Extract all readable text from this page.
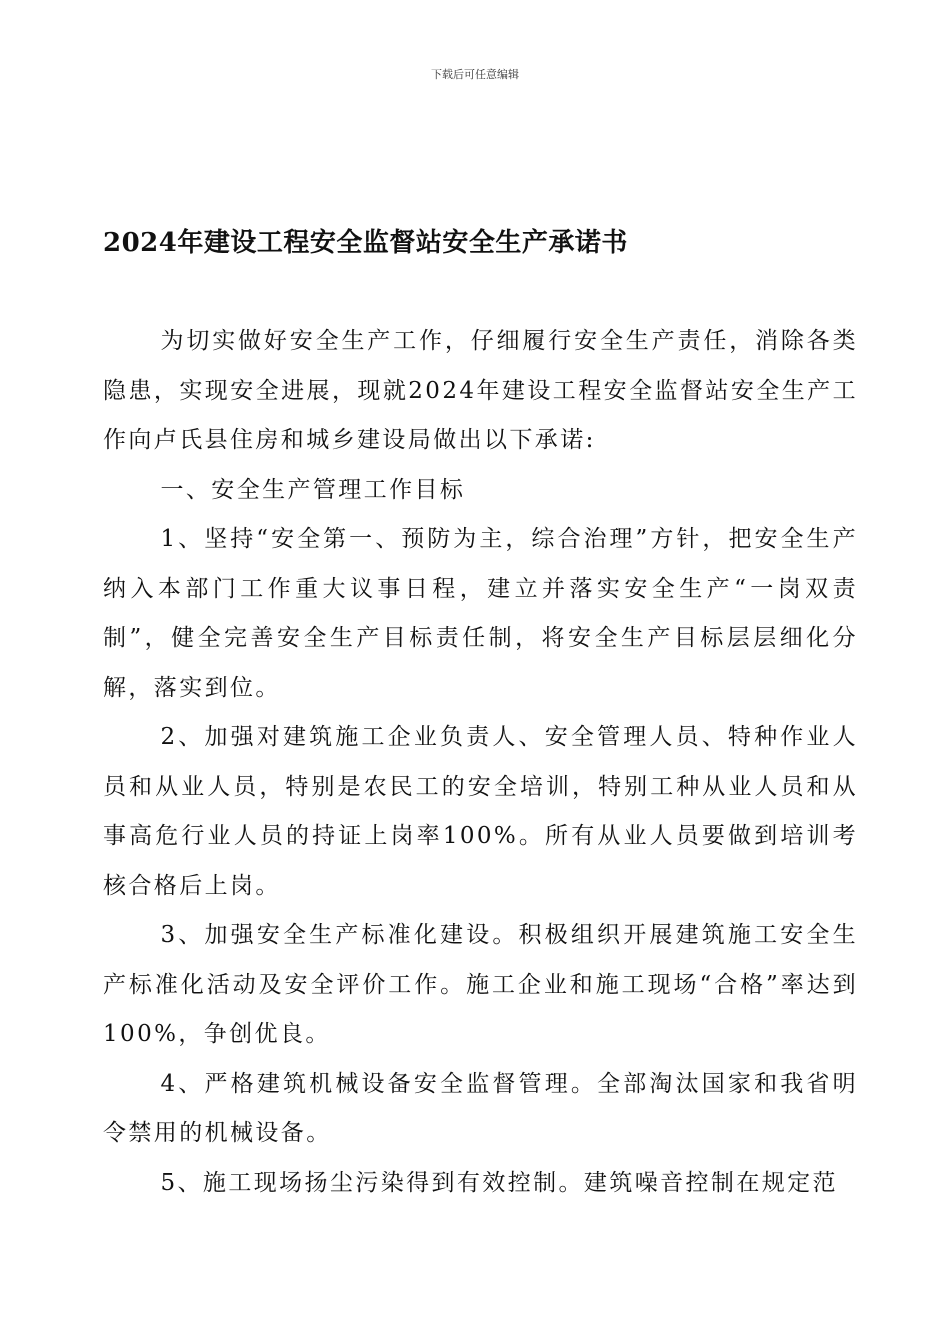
下载后可任意编辑
2024年建设工程安全监督站安全生产承诺书

为切实做好安全生产工作，仔细履行安全生产责任，消除各类隐患，实现安全进展，现就2024年建设工程安全监督站安全生产工作向卢氏县住房和城乡建设局做出以下承诺:

一、安全生产管理工作目标

1、坚持“安全第一、预防为主，综合治理”方针，把安全生产纳入本部门工作重大议事日程，建立并落实安全生产“一岗双责制”，健全完善安全生产目标责任制，将安全生产目标层层细化分解，落实到位。

2、加强对建筑施工企业负责人、安全管理人员、特种作业人员和从业人员，特别是农民工的安全培训，特别工种从业人员和从事高危行业人员的持证上岗率100%。所有从业人员要做到培训考核合格后上岗。

3、加强安全生产标准化建设。积极组织开展建筑施工安全生产标准化活动及安全评价工作。施工企业和施工现场“合格”率达到100%，争创优良。

4、严格建筑机械设备安全监督管理。全部淘汰国家和我省明令禁用的机械设备。

5、施工现场扬尘污染得到有效控制。建筑噪音控制在规定范
